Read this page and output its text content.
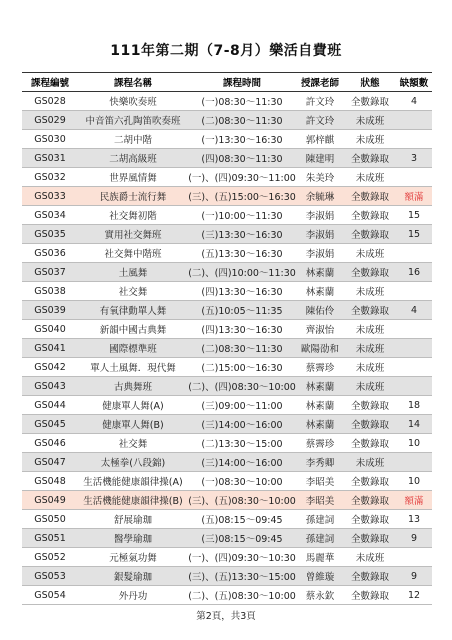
111年第二期（7-8月）樂活自費班
課程編號	課程名稱	課程時間	授課老師	狀態	缺額數
GS028	快樂吹奏班	(一)08:30～11:30	許文玲	全數錄取	4
GS029	中音笛六孔陶笛吹奏班	(二)08:30～11:30	許文玲	未成班	
GS030	二胡中階	(一)13:30～16:30	郭梓麒	未成班	
GS031	二胡高級班	(四)08:30～11:30	陳建明	全數錄取	3
GS032	世界風情舞	(一)、(四)09:30～11:00	朱美玲	未成班	
GS033	民族爵士流行舞	(三)、(五)15:00～16:30	余毓琳	全數錄取	額滿
GS034	社交舞初階	(一)10:00～11:30	李淑娟	全數錄取	15
GS035	實用社交舞班	(三)13:30～16:30	李淑娟	全數錄取	15
GS036	社交舞中階班	(五)13:30～16:30	李淑娟	未成班	
GS037	土風舞	(二)、(四)10:00～11:30	林素蘭	全數錄取	16
GS038	社交舞	(四)13:30～16:30	林素蘭	未成班	
GS039	有氧律動單人舞	(五)10:05～11:35	陳佑伶	全數錄取	4
GS040	新韻中國古典舞	(四)13:30～16:30	齊淑怡	未成班	
GS041	國際標準班	(二)08:30～11:30	歐陽劭和	未成班	
GS042	單人土風舞．現代舞	(二)15:00～16:30	蔡霽珍	未成班	
GS043	古典舞班	(二)、(四)08:30～10:00	林素蘭	未成班	
GS044	健康單人舞(A)	(三)09:00～11:00	林素蘭	全數錄取	18
GS045	健康單人舞(B)	(三)14:00～16:00	林素蘭	全數錄取	14
GS046	社交舞	(二)13:30～15:00	蔡霽珍	全數錄取	10
GS047	太極拳(八段錦)	(三)14:00～16:00	李秀卿	未成班	
GS048	生活機能健康韻律操(A)	(一)08:30～10:00	李昭美	全數錄取	10
GS049	生活機能健康韻律操(B)	(三)、(五)08:30～10:00	李昭美	全數錄取	額滿
GS050	舒展瑜珈	(五)08:15～09:45	孫建詞	全數錄取	13
GS051	醫學瑜珈	(三)08:15～09:45	孫建詞	全數錄取	9
GS052	元極氣功舞	(一)、(四)09:30～10:30	馬麗華	未成班	
GS053	銀髮瑜珈	(三)、(五)13:30～15:00	曾維璇	全數錄取	9
GS054	外丹功	(二)、(五)08:30～10:00	蔡永欽	全數錄取	12
第2頁，共3頁
